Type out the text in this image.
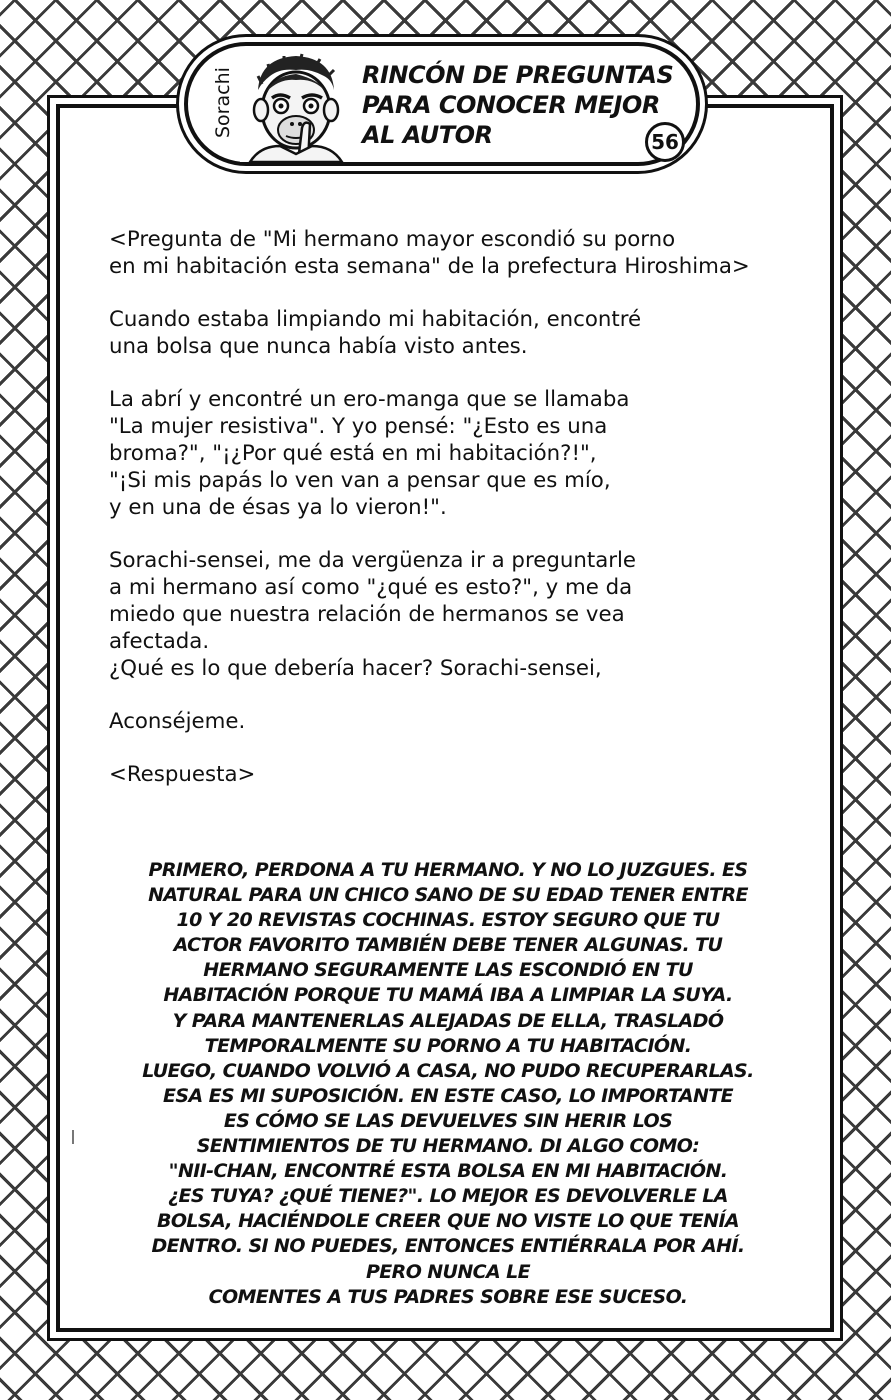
Sorachi	RINCÓN DE PREGUNTAS
PARA CONOCER MEJOR
AL AUTOR	56

<Pregunta de "Mi hermano mayor escondió su porno
en mi habitación esta semana" de la prefectura Hiroshima>

Cuando estaba limpiando mi habitación, encontré
una bolsa que nunca había visto antes.

La abrí y encontré un ero-manga que se llamaba
"La mujer resistiva". Y yo pensé: "¿Esto es una
broma?", "¡¿Por qué está en mi habitación?!",
"¡Si mis papás lo ven van a pensar que es mío,
y en una de ésas ya lo vieron!".

Sorachi-sensei, me da vergüenza ir a preguntarle
a mi hermano así como "¿qué es esto?", y me da
miedo que nuestra relación de hermanos se vea
afectada.
¿Qué es lo que debería hacer? Sorachi-sensei,

Aconséjeme.

<Respuesta>

PRIMERO, PERDONA A TU HERMANO. Y NO LO JUZGUES. ES
NATURAL PARA UN CHICO SANO DE SU EDAD TENER ENTRE
10 Y 20 REVISTAS COCHINAS. ESTOY SEGURO QUE TU
ACTOR FAVORITO TAMBIÉN DEBE TENER ALGUNAS. TU
HERMANO SEGURAMENTE LAS ESCONDIÓ EN TU
HABITACIÓN PORQUE TU MAMÁ IBA A LIMPIAR LA SUYA.
Y PARA MANTENERLAS ALEJADAS DE ELLA, TRASLADÓ
TEMPORALMENTE SU PORNO A TU HABITACIÓN.
LUEGO, CUANDO VOLVIÓ A CASA, NO PUDO RECUPERARLAS.
ESA ES MI SUPOSICIÓN. EN ESTE CASO, LO IMPORTANTE
ES CÓMO SE LAS DEVUELVES SIN HERIR LOS
SENTIMIENTOS DE TU HERMANO. DI ALGO COMO:
"NII-CHAN, ENCONTRÉ ESTA BOLSA EN MI HABITACIÓN.
¿ES TUYA? ¿QUÉ TIENE?". LO MEJOR ES DEVOLVERLE LA
BOLSA, HACIÉNDOLE CREER QUE NO VISTE LO QUE TENÍA
DENTRO. SI NO PUEDES, ENTONCES ENTIÉRRALA POR AHÍ.
PERO NUNCA LE
COMENTES A TUS PADRES SOBRE ESE SUCESO.
